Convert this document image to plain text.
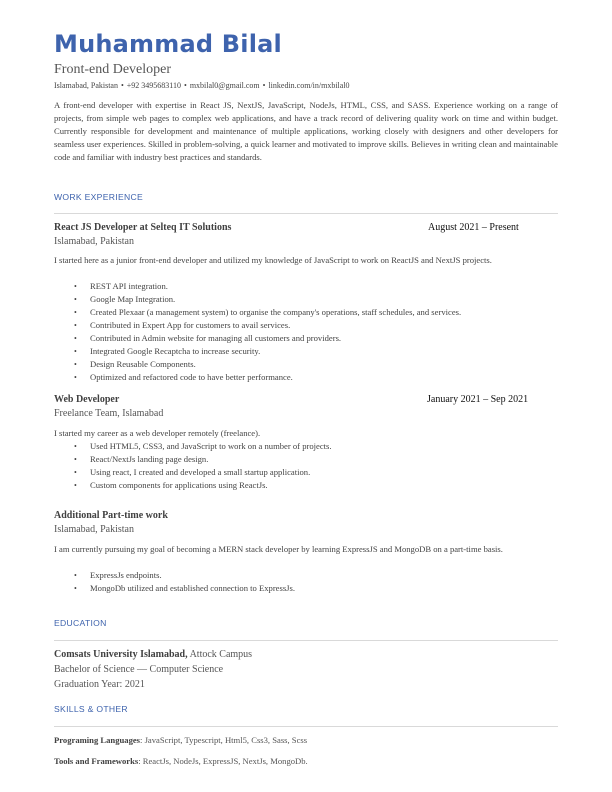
Muhammad Bilal
Front-end Developer
Islamabad, Pakistan • +92 3495683110 • mxbilal0@gmail.com • linkedin.com/in/mxbilal0
A front-end developer with expertise in React JS, NextJS, JavaScript, NodeJs, HTML, CSS, and SASS. Experience working on a range of projects, from simple web pages to complex web applications, and have a track record of delivering quality work on time and within budget. Currently responsible for development and maintenance of multiple applications, working closely with designers and other developers for seamless user experiences. Skilled in problem-solving, a quick learner and motivated to improve skills. Believes in writing clean and maintainable code and familiar with industry best practices and standards.
WORK EXPERIENCE
React JS Developer at Selteq IT Solutions	August 2021 – Present
Islamabad, Pakistan
I started here as a junior front-end developer and utilized my knowledge of JavaScript to work on ReactJS and NextJS projects.
• REST API integration.
• Google Map Integration.
• Created Plexaar (a management system) to organise the company's operations, staff schedules, and services.
• Contributed in Expert App for customers to avail services.
• Contributed in Admin website for managing all customers and providers.
• Integrated Google Recaptcha to increase security.
• Design Reusable Components.
• Optimized and refactored code to have better performance.
Web Developer	January 2021 – Sep 2021
Freelance Team, Islamabad
I started my career as a web developer remotely (freelance).
• Used HTML5, CSS3, and JavaScript to work on a number of projects.
• React/NextJs landing page design.
• Using react, I created and developed a small startup application.
• Custom components for applications using ReactJs.
Additional Part-time work
Islamabad, Pakistan
I am currently pursuing my goal of becoming a MERN stack developer by learning ExpressJS and MongoDB on a part-time basis.
• ExpressJs endpoints.
• MongoDb utilized and established connection to ExpressJs.
EDUCATION
Comsats University Islamabad, Attock Campus
Bachelor of Science — Computer Science
Graduation Year: 2021
SKILLS & OTHER
Programing Languages: JavaScript, Typescript, Html5, Css3, Sass, Scss
Tools and Frameworks: ReactJs, NodeJs, ExpressJS, NextJs, MongoDb.
